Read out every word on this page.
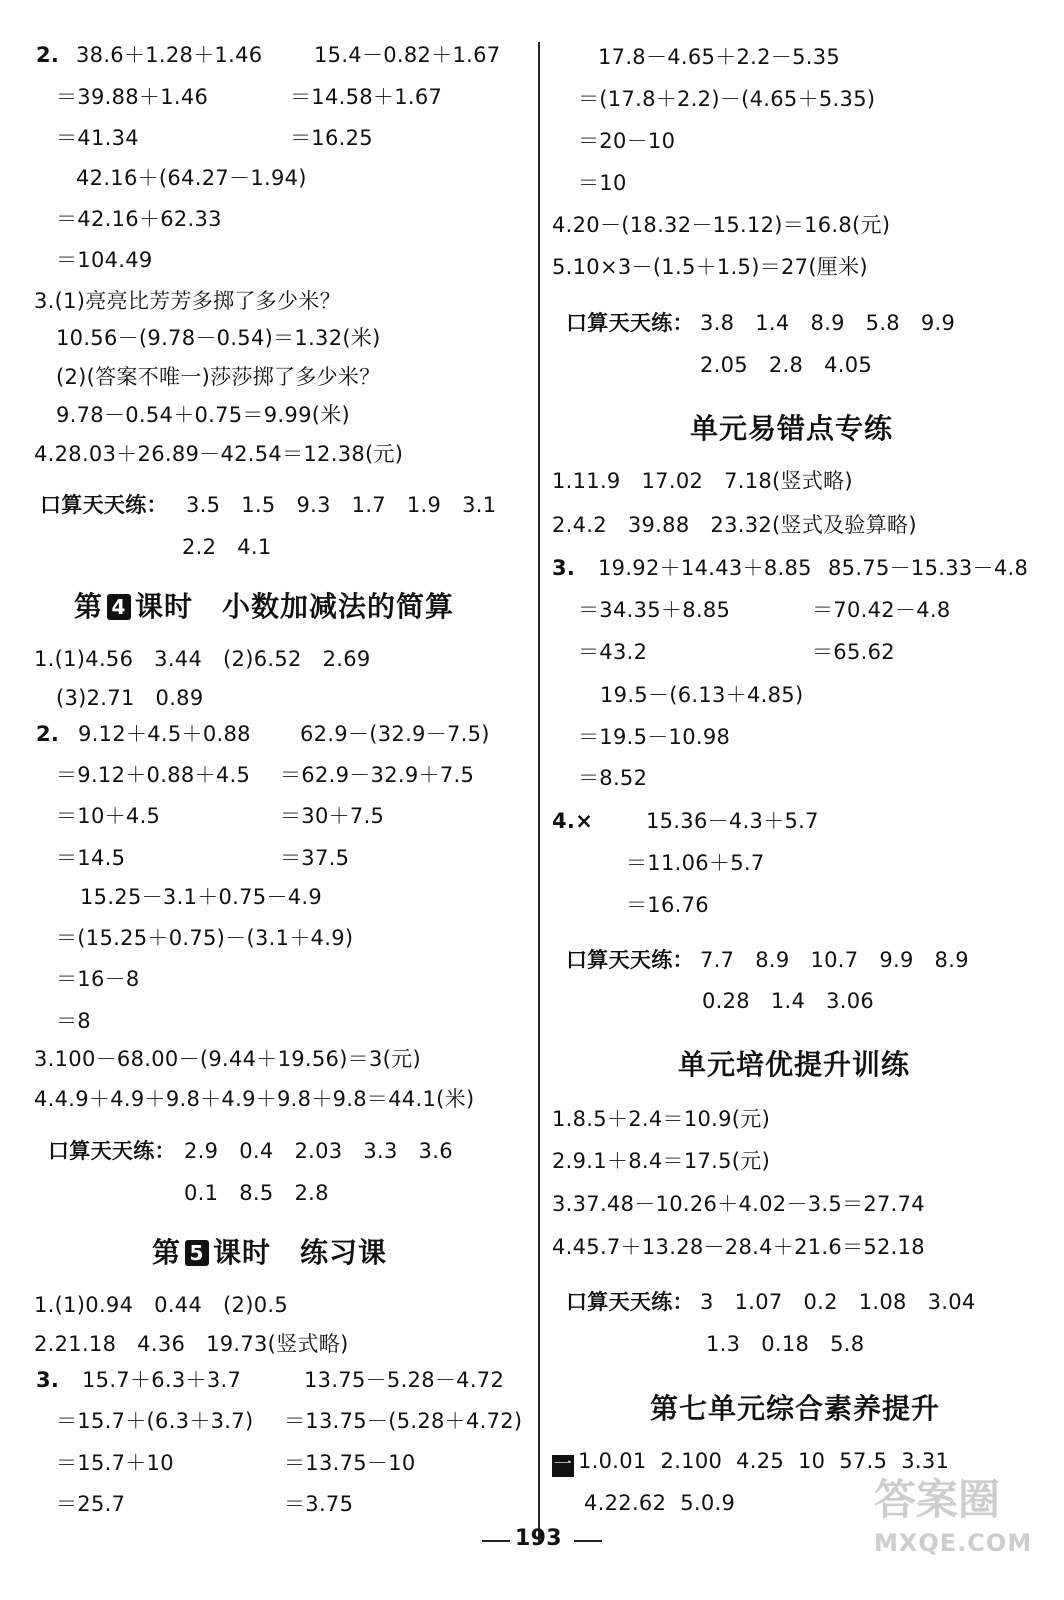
2. 38.6＋1.28＋1.46 15.4－0.82＋1.67
＝39.88＋1.46	＝14.58＋1.67
＝41.34	＝16.25
42.16＋(64.27－1.94)
＝42.16＋62.33
＝104.49
3.(1)亮亮比芳芳多掷了多少米？
10.56－(9.78－0.54)＝1.32(米)
(2)(答案不唯一)莎莎掷了多少米？
9.78－0.54＋0.75＝9.99(米)
4.28.03＋26.89－42.54＝12.38(元)
口算天天练： 3.5   1.5   9.3   1.7   1.9   3.1
2.2   4.1
第 4 课时　小数加减法的简算
1.(1)4.56   3.44   (2)6.52   2.69
(3)2.71   0.89
2. 9.12＋4.5＋0.88 62.9－(32.9－7.5)
＝9.12＋0.88＋4.5 ＝62.9－32.9＋7.5
＝10＋4.5	＝30＋7.5
＝14.5	＝37.5
15.25－3.1＋0.75－4.9
＝(15.25＋0.75)－(3.1＋4.9)
＝16－8
＝8
3.100－68.00－(9.44＋19.56)＝3(元)
4.4.9＋4.9＋9.8＋4.9＋9.8＋9.8＝44.1(米)
口算天天练： 2.9   0.4   2.03   3.3   3.6
0.1   8.5   2.8
第 5 课时　练习课
1.(1)0.94   0.44   (2)0.5
2.21.18   4.36   19.73(竖式略)
3. 15.7＋6.3＋3.7	13.75－5.28－4.72
＝15.7＋(6.3＋3.7) ＝13.75－(5.28＋4.72)
＝15.7＋10	＝13.75－10
＝25.7	＝3.75
17.8－4.65＋2.2－5.35
＝(17.8＋2.2)－(4.65＋5.35)
＝20－10
＝10
4.20－(18.32－15.12)＝16.8(元)
5.10×3－(1.5＋1.5)＝27(厘米)
口算天天练： 3.8   1.4   8.9   5.8   9.9
2.05   2.8   4.05
单元易错点专练
1.11.9   17.02   7.18(竖式略)
2.4.2   39.88   23.32(竖式及验算略)
3. 19.92＋14.43＋8.85 85.75－15.33－4.8
＝34.35＋8.85	＝70.42－4.8
＝43.2	＝65.62
19.5－(6.13＋4.85)
＝19.5－10.98
＝8.52
4.×	15.36－4.3＋5.7
＝11.06＋5.7
＝16.76
口算天天练： 7.7   8.9   10.7   9.9   8.9
0.28   1.4   3.06
单元培优提升训练
1.8.5＋2.4＝10.9(元)
2.9.1＋8.4＝17.5(元)
3.37.48－10.26＋4.02－3.5＝27.74
4.45.7＋13.28－28.4＋21.6＝52.18
口算天天练： 3   1.07   0.2   1.08   3.04
1.3   0.18   5.8
第七单元综合素养提升
一 1.0.01  2.100  4.25  10  57.5  3.31
4.22.62  5.0.9
193
答案圈
MXQE.COM
